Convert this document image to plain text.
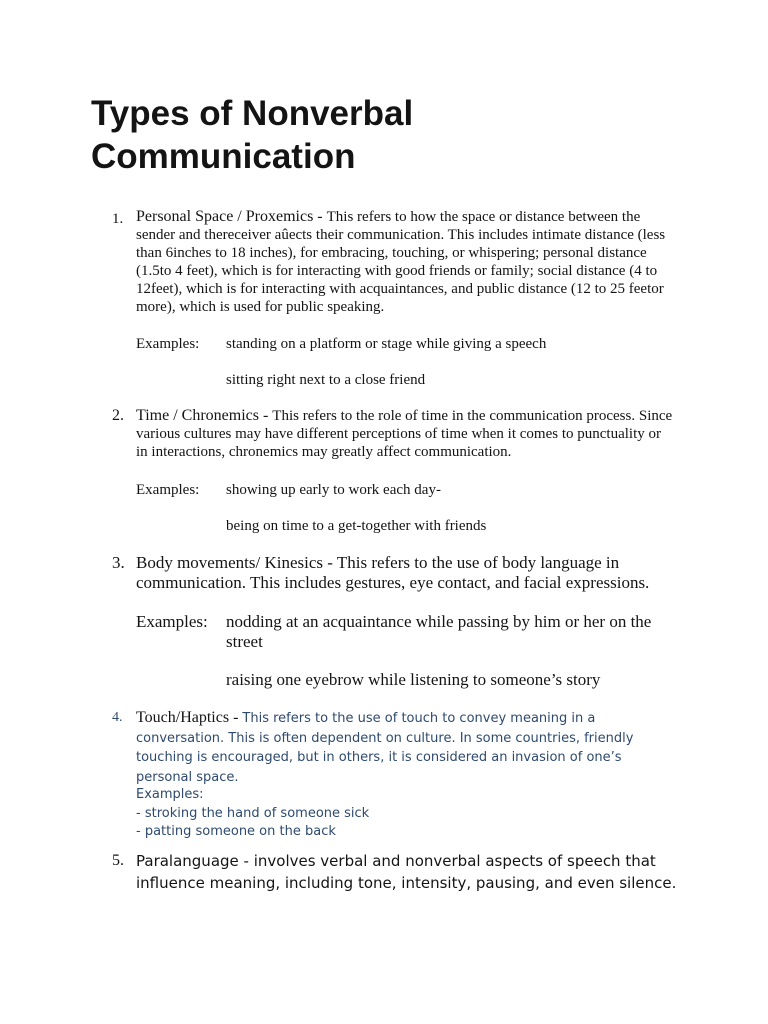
Types of Nonverbal Communication
1. Personal Space / Proxemics - This refers to how the space or distance between the sender and thereceiver aûects their communication. This includes intimate distance (less than 6inches to 18 inches), for embracing, touching, or whispering; personal distance (1.5to 4 feet), which is for interacting with good friends or family; social distance (4 to 12feet), which is for interacting with acquaintances, and public distance (12 to 25 feetor more), which is used for public speaking.
Examples: standing on a platform or stage while giving a speech
sitting right next to a close friend
2. Time / Chronemics - This refers to the role of time in the communication process. Since various cultures may have different perceptions of time when it comes to punctuality or in interactions, chronemics may greatly affect communication.
Examples: showing up early to work each day-
being on time to a get-together with friends
3. Body movements/ Kinesics - This refers to the use of body language in communication. This includes gestures, eye contact, and facial expressions.
Examples: nodding at an acquaintance while passing by him or her on the street
raising one eyebrow while listening to someone’s story
4. Touch/Haptics - This refers to the use of touch to convey meaning in a conversation. This is often dependent on culture. In some countries, friendly touching is encouraged, but in others, it is considered an invasion of one’s personal space.
Examples:
- stroking the hand of someone sick
- patting someone on the back
5. Paralanguage - involves verbal and nonverbal aspects of speech that influence meaning, including tone, intensity, pausing, and even silence.
